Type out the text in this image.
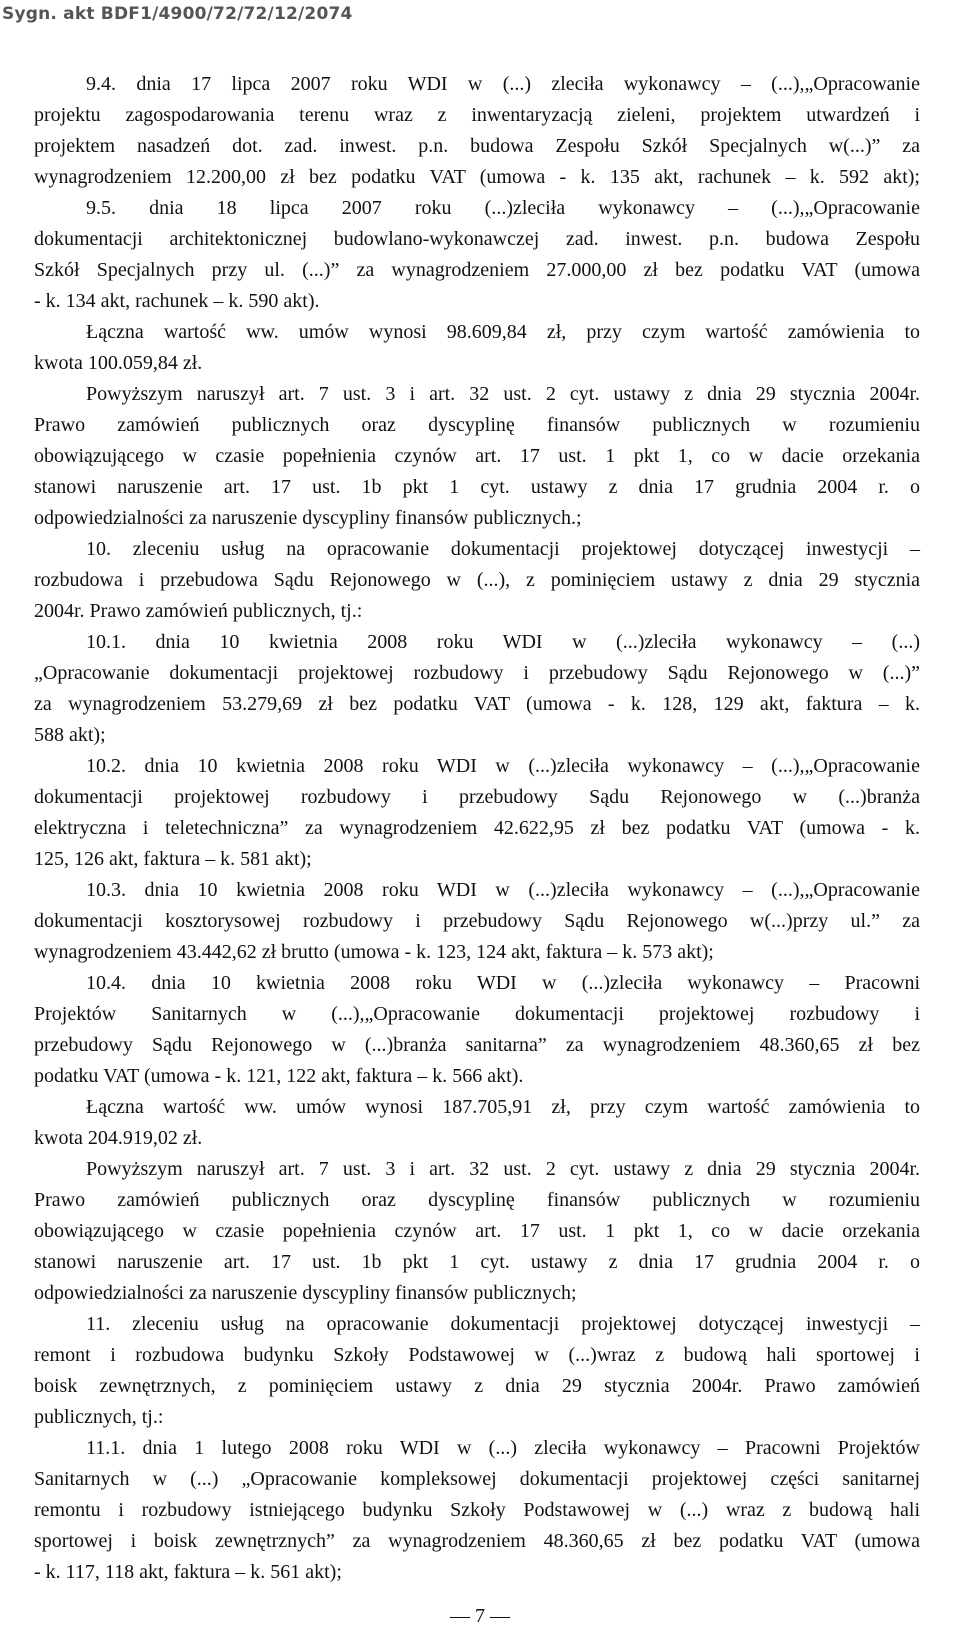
Sygn. akt BDF1/4900/72/72/12/2074
9.4. dnia 17 lipca 2007 roku WDI w (...) zleciła wykonawcy – (...),„Opracowanie
projektu zagospodarowania terenu wraz z inwentaryzacją zieleni, projektem utwardzeń i
projektem nasadzeń dot. zad. inwest. p.n. budowa Zespołu Szkół Specjalnych w(...)” za
wynagrodzeniem 12.200,00 zł bez podatku VAT (umowa - k. 135 akt, rachunek – k. 592 akt);
9.5. dnia 18 lipca 2007 roku (...)zleciła wykonawcy – (...),„Opracowanie
dokumentacji architektonicznej budowlano-wykonawczej zad. inwest. p.n. budowa Zespołu
Szkół Specjalnych przy ul. (...)” za wynagrodzeniem 27.000,00 zł bez podatku VAT (umowa
- k. 134 akt, rachunek – k. 590 akt).
Łączna wartość ww. umów wynosi 98.609,84 zł, przy czym wartość zamówienia to
kwota 100.059,84 zł.
Powyższym naruszył art. 7 ust. 3 i art. 32 ust. 2 cyt. ustawy z dnia 29 stycznia 2004r.
Prawo zamówień publicznych oraz dyscyplinę finansów publicznych w rozumieniu
obowiązującego w czasie popełnienia czynów art. 17 ust. 1 pkt 1, co w dacie orzekania
stanowi naruszenie art. 17 ust. 1b pkt 1 cyt. ustawy z dnia 17 grudnia 2004 r. o
odpowiedzialności za naruszenie dyscypliny finansów publicznych.;
10. zleceniu usług na opracowanie dokumentacji projektowej dotyczącej inwestycji –
rozbudowa i przebudowa Sądu Rejonowego w (...), z pominięciem ustawy z dnia 29 stycznia
2004r. Prawo zamówień publicznych, tj.:
10.1. dnia 10 kwietnia 2008 roku WDI w (...)zleciła wykonawcy – (...)
„Opracowanie dokumentacji projektowej rozbudowy i przebudowy Sądu Rejonowego w (...)”
za wynagrodzeniem 53.279,69 zł bez podatku VAT (umowa - k. 128, 129 akt, faktura – k.
588 akt);
10.2. dnia 10 kwietnia 2008 roku WDI w (...)zleciła wykonawcy – (...),„Opracowanie
dokumentacji projektowej rozbudowy i przebudowy Sądu Rejonowego w (...)branża
elektryczna i teletechniczna” za wynagrodzeniem 42.622,95 zł bez podatku VAT (umowa - k.
125, 126 akt, faktura – k. 581 akt);
10.3. dnia 10 kwietnia 2008 roku WDI w (...)zleciła wykonawcy – (...),„Opracowanie
dokumentacji kosztorysowej rozbudowy i przebudowy Sądu Rejonowego w(...)przy ul.” za
wynagrodzeniem 43.442,62 zł brutto (umowa - k. 123, 124 akt, faktura – k. 573 akt);
10.4. dnia 10 kwietnia 2008 roku WDI w (...)zleciła wykonawcy – Pracowni
Projektów Sanitarnych w (...),„Opracowanie dokumentacji projektowej rozbudowy i
przebudowy Sądu Rejonowego w (...)branża sanitarna” za wynagrodzeniem 48.360,65 zł bez
podatku VAT (umowa - k. 121, 122 akt, faktura – k. 566 akt).
Łączna wartość ww. umów wynosi 187.705,91 zł, przy czym wartość zamówienia to
kwota 204.919,02 zł.
Powyższym naruszył art. 7 ust. 3 i art. 32 ust. 2 cyt. ustawy z dnia 29 stycznia 2004r.
Prawo zamówień publicznych oraz dyscyplinę finansów publicznych w rozumieniu
obowiązującego w czasie popełnienia czynów art. 17 ust. 1 pkt 1, co w dacie orzekania
stanowi naruszenie art. 17 ust. 1b pkt 1 cyt. ustawy z dnia 17 grudnia 2004 r. o
odpowiedzialności za naruszenie dyscypliny finansów publicznych;
11. zleceniu usług na opracowanie dokumentacji projektowej dotyczącej inwestycji –
remont i rozbudowa budynku Szkoły Podstawowej w (...)wraz z budową hali sportowej i
boisk zewnętrznych, z pominięciem ustawy z dnia 29 stycznia 2004r. Prawo zamówień
publicznych, tj.:
11.1. dnia 1 lutego 2008 roku WDI w (...) zleciła wykonawcy – Pracowni Projektów
Sanitarnych w (...) „Opracowanie kompleksowej dokumentacji projektowej części sanitarnej
remontu i rozbudowy istniejącego budynku Szkoły Podstawowej w (...) wraz z budową hali
sportowej i boisk zewnętrznych” za wynagrodzeniem 48.360,65 zł bez podatku VAT (umowa
- k. 117, 118 akt, faktura – k. 561 akt);
— 7 —
